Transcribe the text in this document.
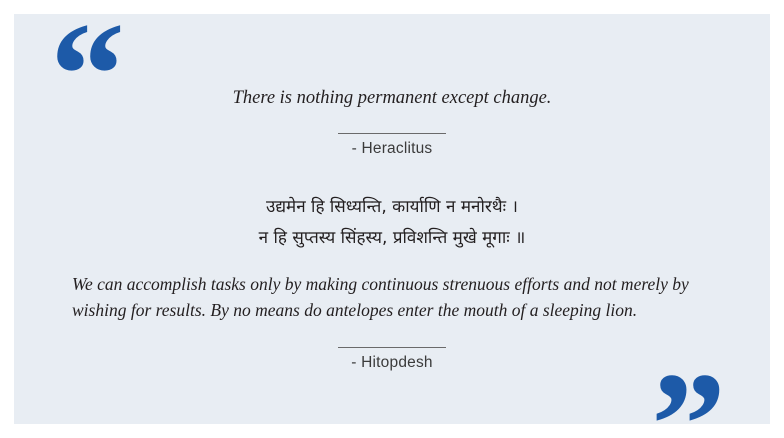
“
”
There is nothing permanent except change.
- Heraclitus
उद्यमेन हि सिध्यन्ति, कार्याणि न मनोरथैः ।
न हि सुप्तस्य सिंहस्य, प्रविशन्ति मुखे मूगाः ॥
We can accomplish tasks only by making continuous strenuous efforts and not merely by wishing for results. By no means do antelopes enter the mouth of a sleeping lion.
- Hitopdesh
